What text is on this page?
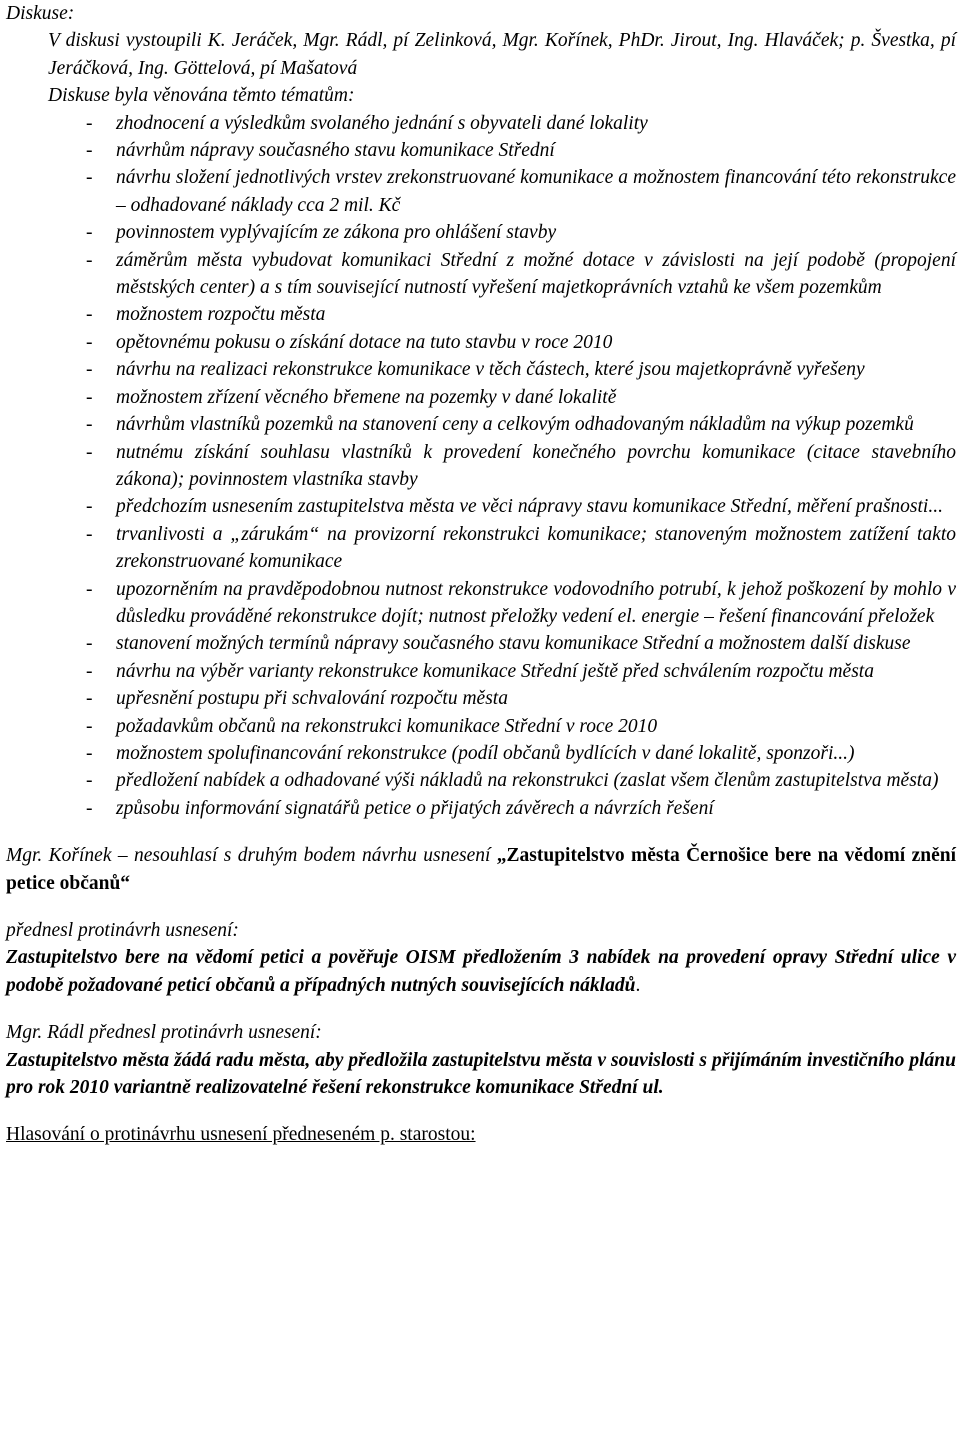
Diskuse:

V diskusi vystoupili K. Jeráček, Mgr. Rádl, pí Zelinková, Mgr. Kořínek, PhDr. Jirout, Ing. Hlaváček; p. Švestka, pí Jeráčková, Ing. Göttelová, pí Mašatová

Diskuse byla věnována těmto tématům:

- zhodnocení a výsledkům svolaného jednání s obyvateli dané lokality
- návrhům nápravy současného stavu komunikace Střední
- návrhu složení jednotlivých vrstev zrekonstruované komunikace a možnostem financování této rekonstrukce – odhadované náklady cca 2 mil. Kč
- povinnostem vyplývajícím ze zákona pro ohlášení stavby
- záměrům města vybudovat komunikaci Střední z možné dotace v závislosti na její podobě (propojení městských center) a s tím související nutností vyřešení majetkoprávních vztahů ke všem pozemkům
- možnostem rozpočtu města
- opětovnému pokusu o získání dotace na tuto stavbu v roce 2010
- návrhu na realizaci rekonstrukce komunikace v těch částech, které jsou majetkoprávně vyřešeny
- možnostem zřízení věcného břemene na pozemky v dané lokalitě
- návrhům vlastníků pozemků na stanovení ceny a celkovým odhadovaným nákladům na výkup pozemků
- nutnému získání souhlasu vlastníků k provedení konečného povrchu komunikace (citace stavebního zákona); povinnostem vlastníka stavby
- předchozím usnesením zastupitelstva města ve věci nápravy stavu komunikace Střední, měření prašnosti...
- trvanlivosti a „zárukám“ na provizorní rekonstrukci komunikace; stanoveným možnostem zatížení takto zrekonstruované komunikace
- upozorněním na pravděpodobnou nutnost rekonstrukce vodovodního potrubí, k jehož poškození by mohlo v důsledku prováděné rekonstrukce dojít; nutnost přeložky vedení el. energie – řešení financování přeložek
- stanovení možných termínů nápravy současného stavu komunikace Střední a možnostem další diskuse
- návrhu na výběr varianty rekonstrukce komunikace Střední ještě před schválením rozpočtu města
- upřesnění postupu při schvalování rozpočtu města
- požadavkům občanů na rekonstrukci komunikace Střední v roce 2010
- možnostem spolufinancování rekonstrukce (podíl občanů bydlících v dané lokalitě, sponzoři...)
- předložení nabídek a odhadované výši nákladů na rekonstrukci (zaslat všem členům zastupitelstva města)
- způsobu informování signatářů petice o přijatých závěrech a návrzích řešení

Mgr. Kořínek – nesouhlasí s druhým bodem návrhu usnesení „Zastupitelstvo města Černošice bere na vědomí znění petice občanů“

přednesl protinávrh usnesení:

Zastupitelstvo bere na vědomí petici a pověřuje OISM předložením 3 nabídek na provedení opravy Střední ulice v podobě požadované peticí občanů a případných nutných souvisejících nákladů.

Mgr. Rádl přednesl protinávrh usnesení:

Zastupitelstvo města žádá radu města, aby předložila zastupitelstvu města v souvislosti s přijímáním investičního plánu pro rok 2010 variantně realizovatelné řešení rekonstrukce komunikace Střední ul.

Hlasování o protinávrhu usnesení předneseném p. starostou:
